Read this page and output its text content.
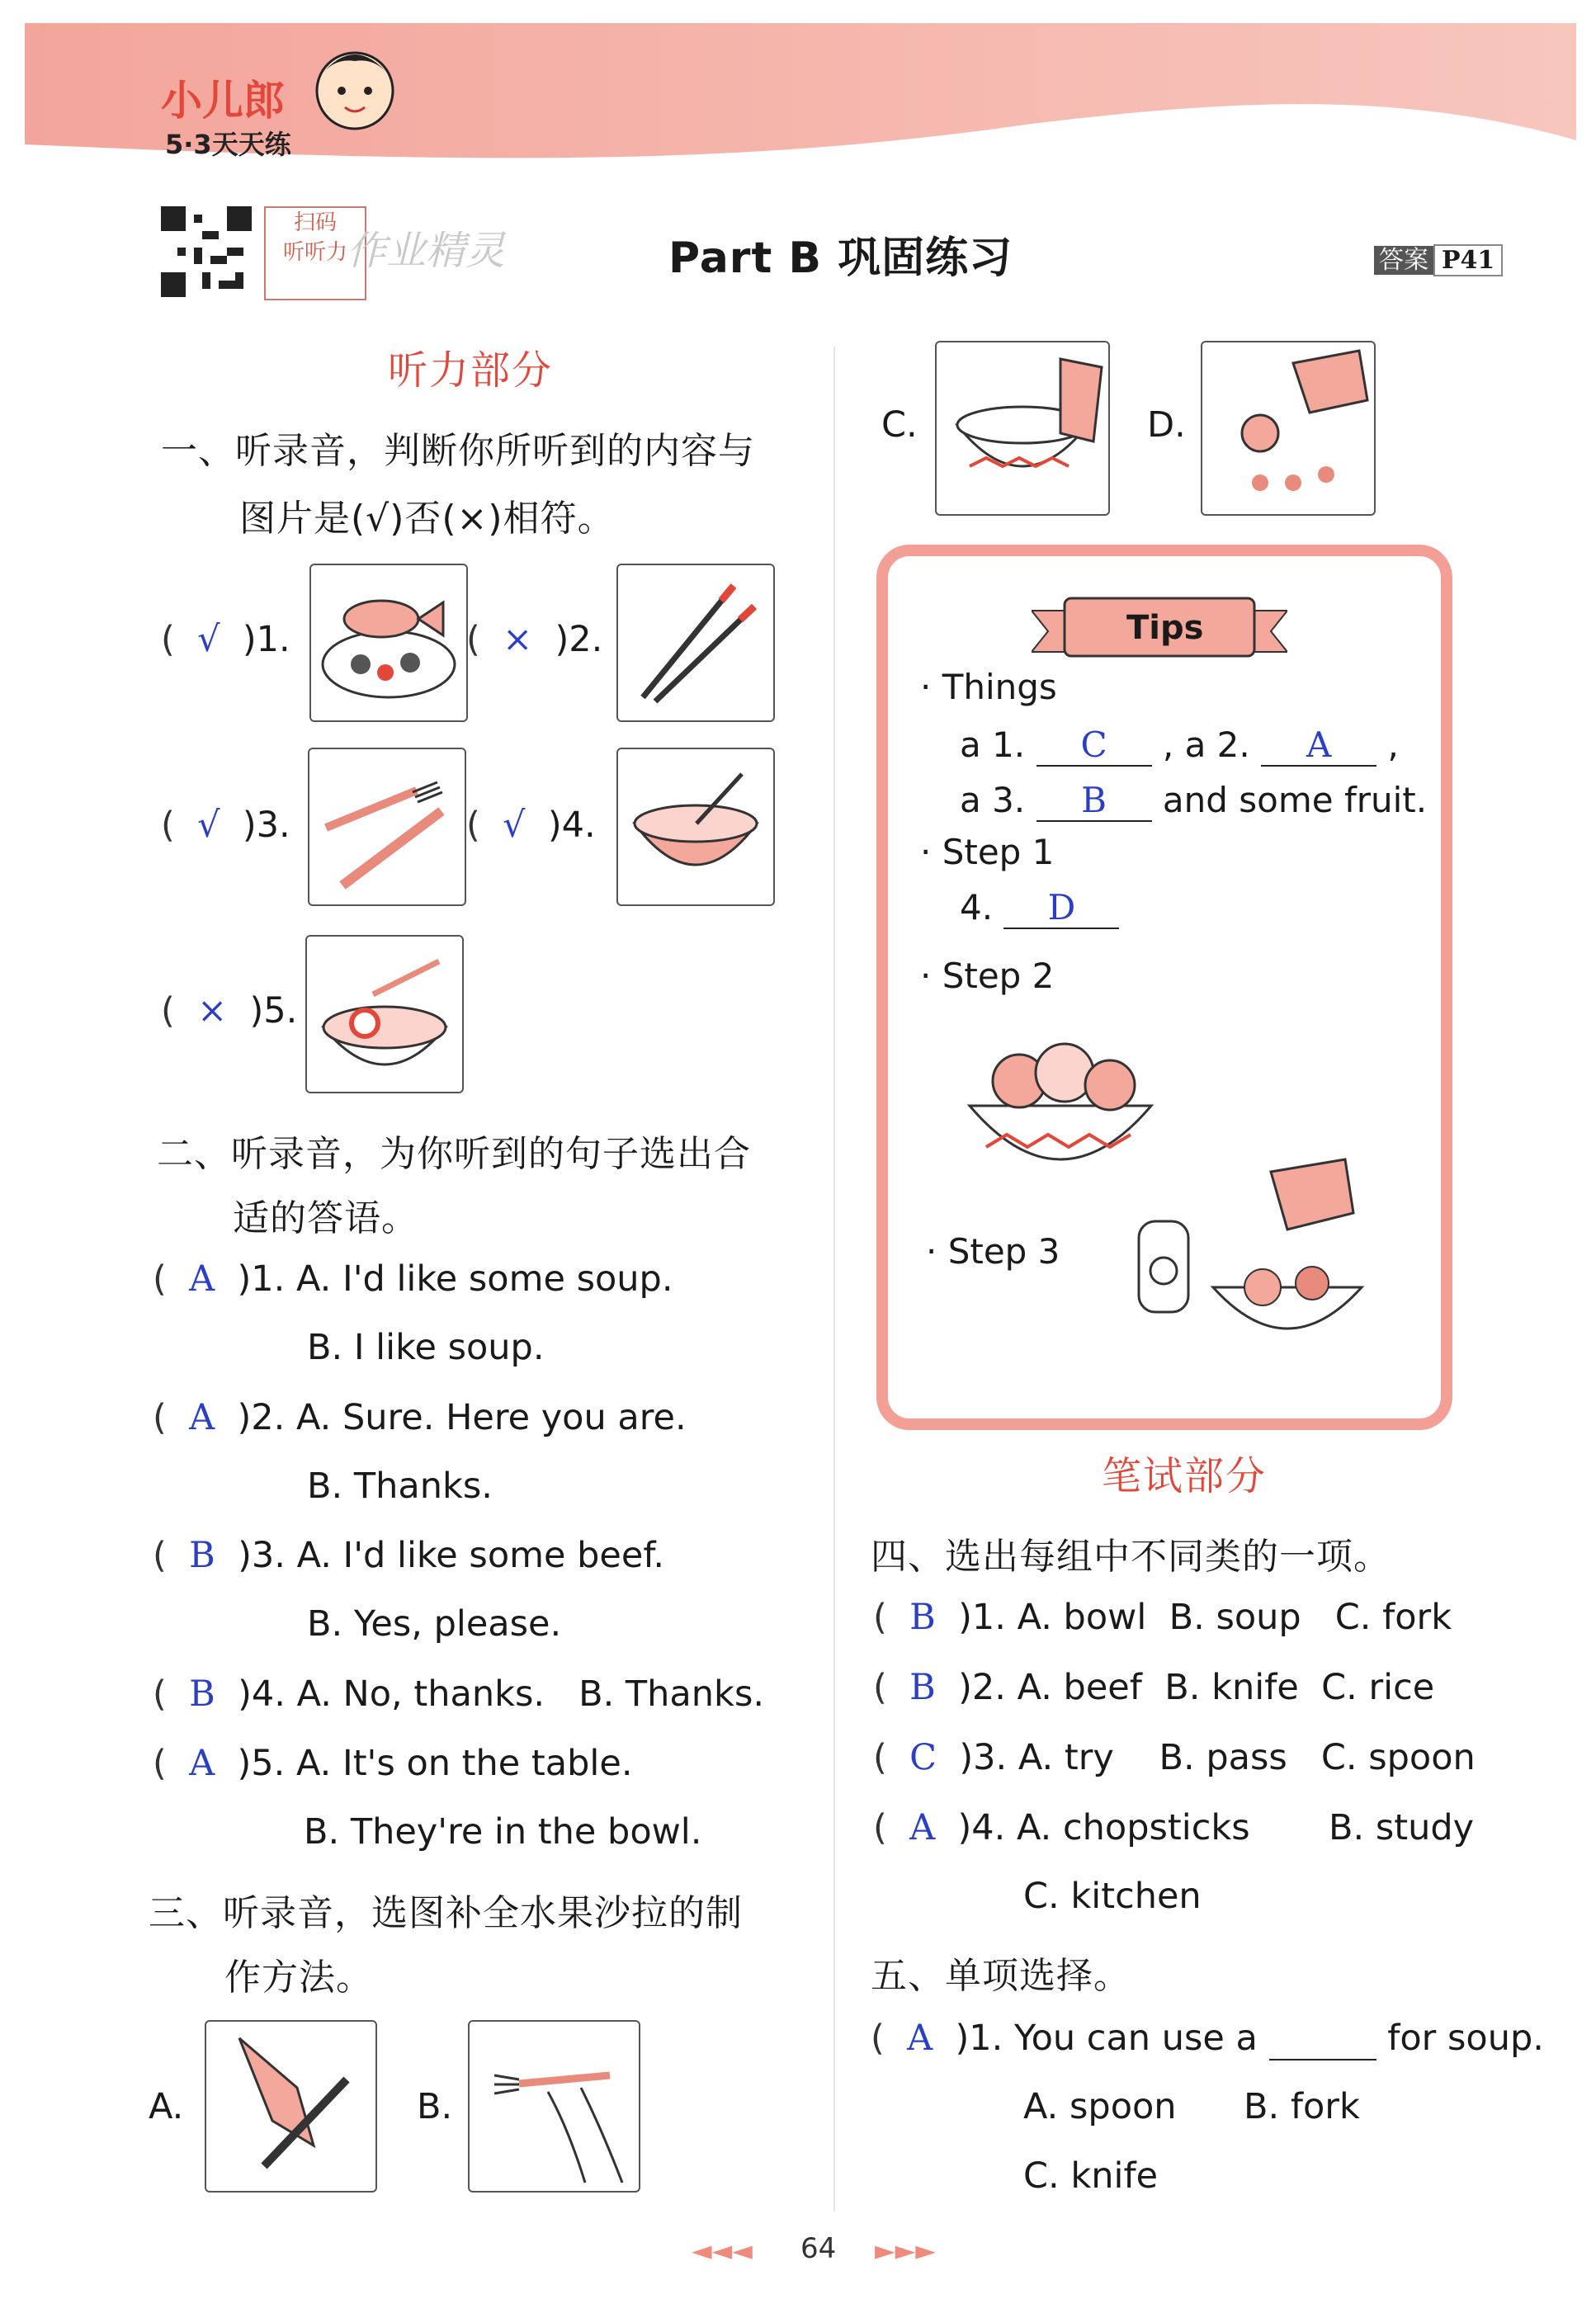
小儿郎
5·3天天练
扫码
听听力 作业精灵	Part B 巩固练习	答案 P41
听力部分
一、听录音，判断你所听到的内容与
图片是(√)否(×)相符。
( √ )1.	( × )2.
( √ )3.	( √ )4.
( × )5.
二、听录音，为你听到的句子选出合
适的答语。
( A )1. A. I'd like some soup.
B. I like soup.
( A )2. A. Sure. Here you are.
B. Thanks.
( B )3. A. I'd like some beef.
B. Yes, please.
( B )4. A. No, thanks. B. Thanks.
( A )5. A. It's on the table.
B. They're in the bowl.
三、听录音，选图补全水果沙拉的制
作方法。
A.	B.
C.	D.
Tips
· Things
a 1. C , a 2. A ,
a 3. B and some fruit.
· Step 1
4. D
· Step 2
· Step 3
笔试部分
四、选出每组中不同类的一项。
( B )1. A. bowl B. soup C. fork
( B )2. A. beef B. knife C. rice
( C )3. A. try B. pass C. spoon
( A )4. A. chopsticks B. study
C. kitchen
五、单项选择。
( A )1. You can use a	for soup.
A. spoon B. fork
C. knife
◄◄◄ 64 ►►►
